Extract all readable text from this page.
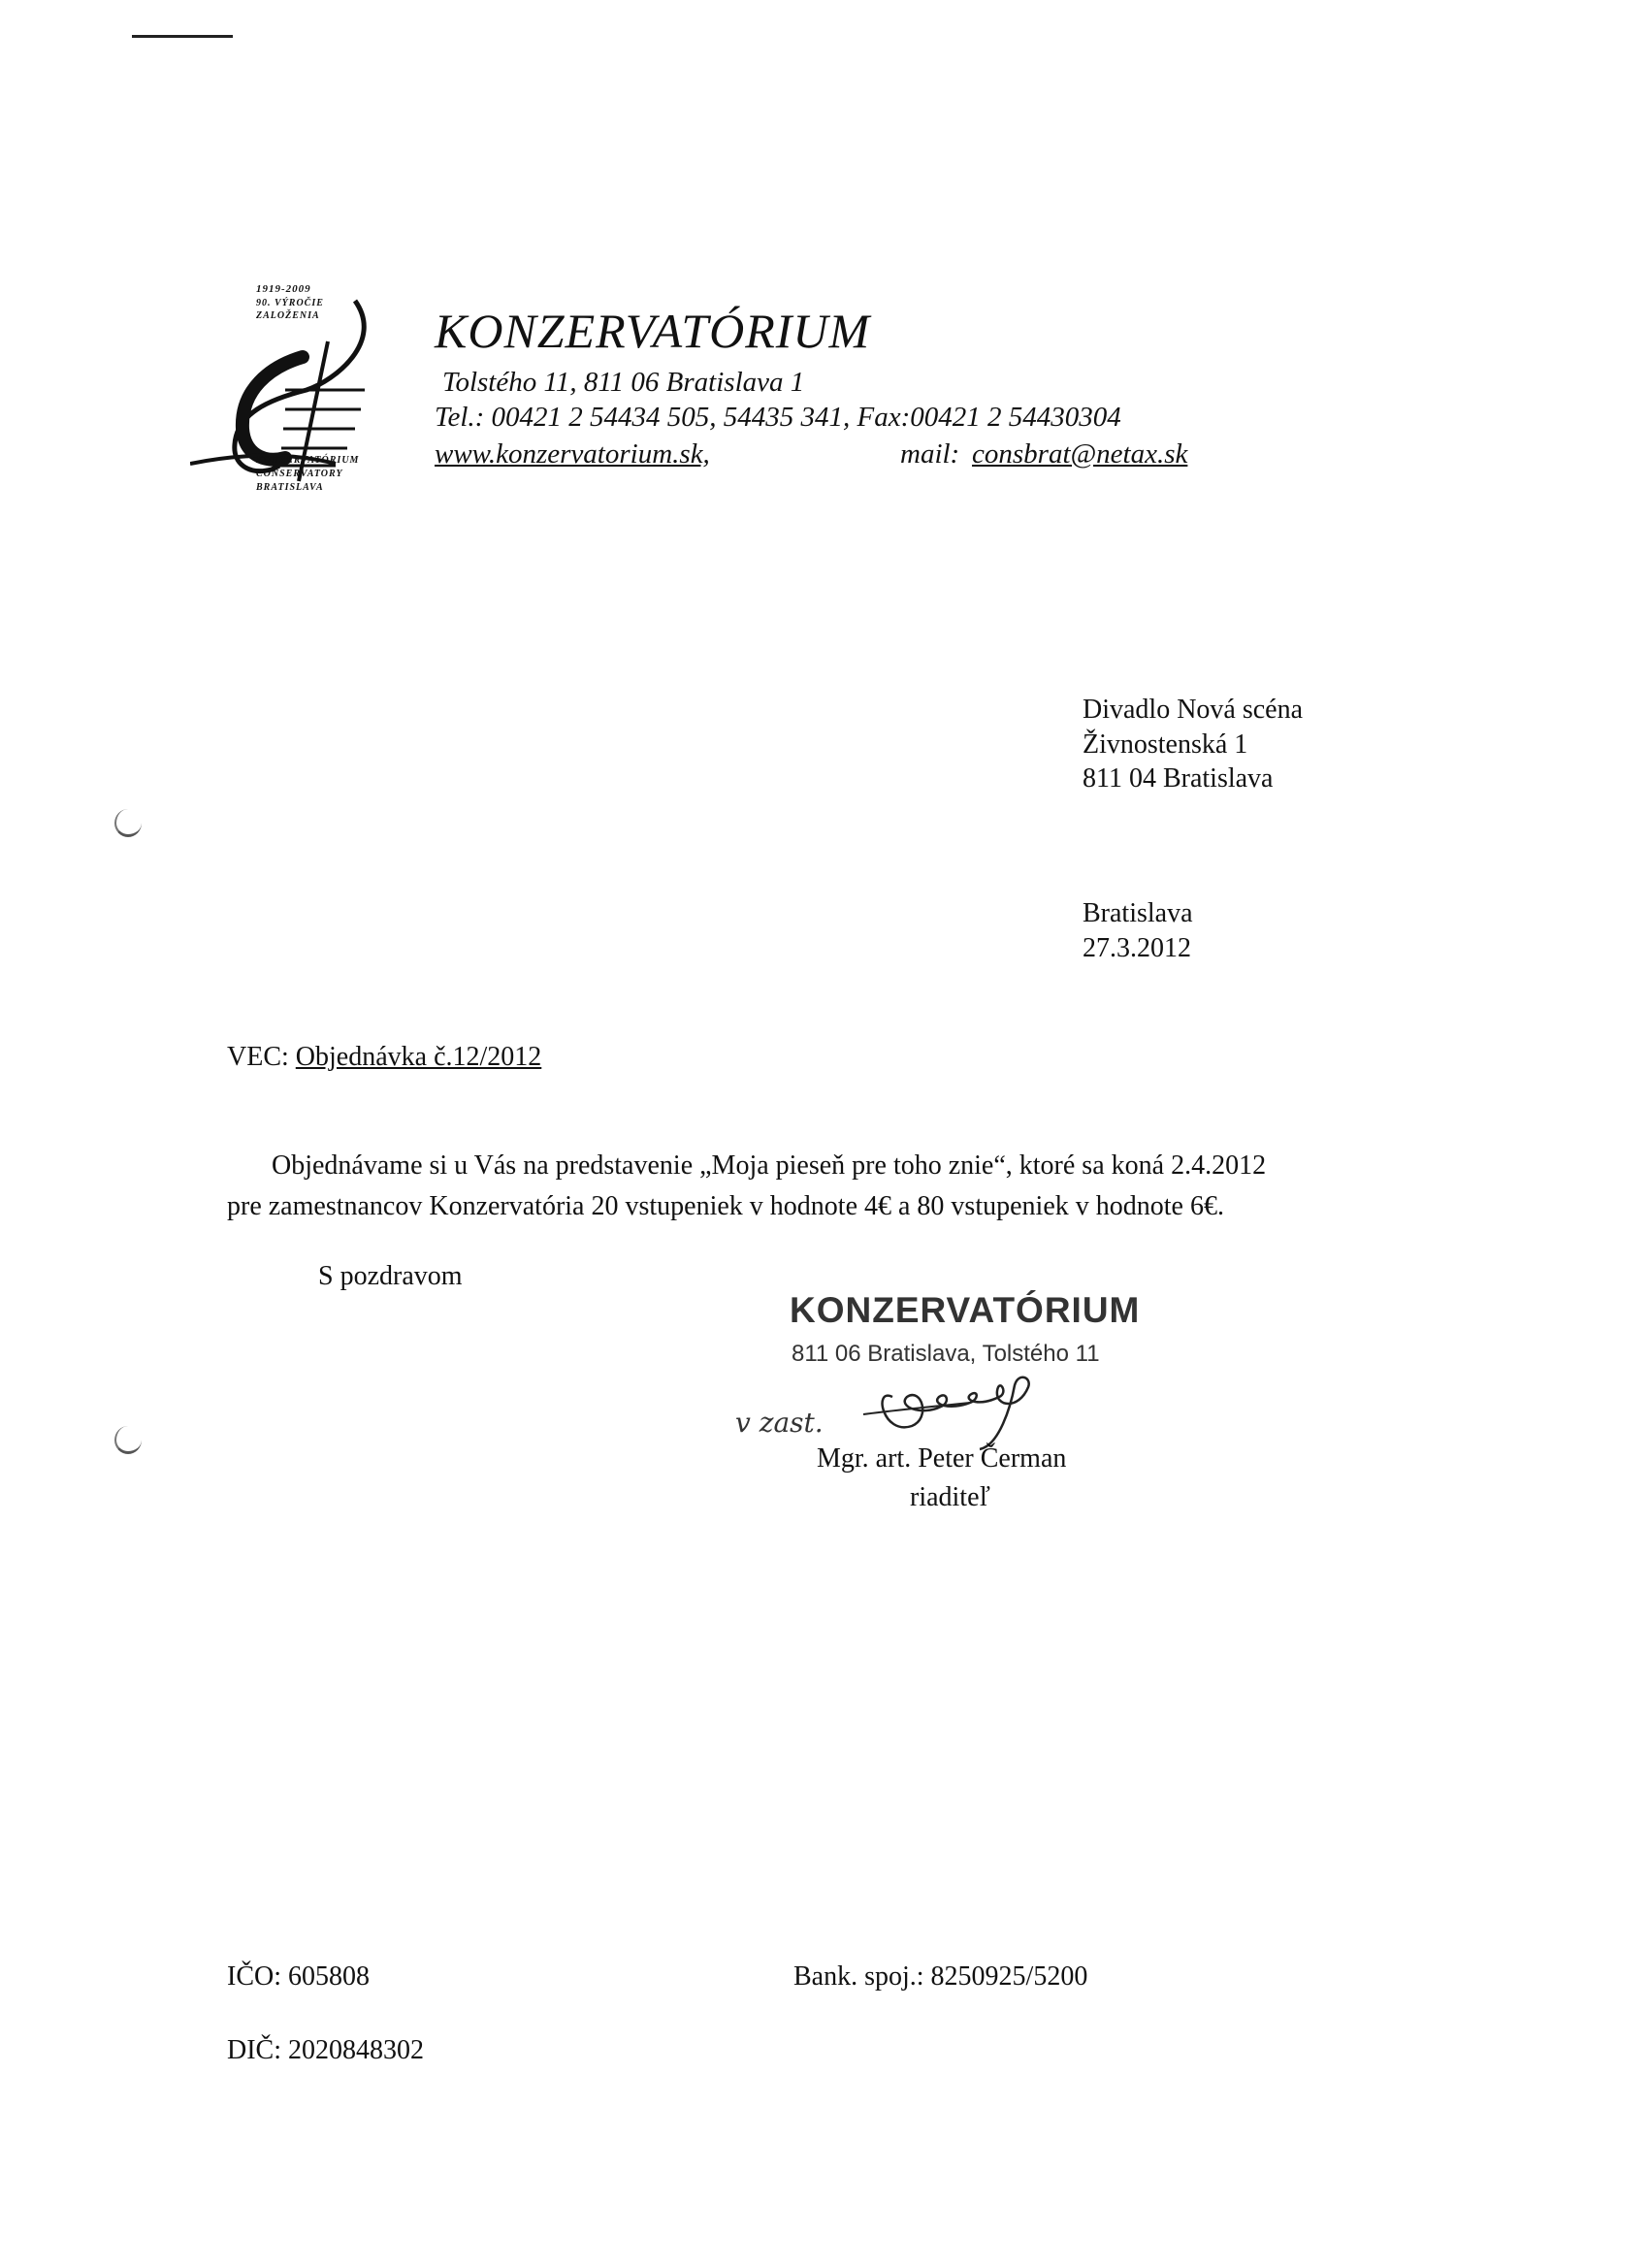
1919-2009
90. VÝROČIE
ZALOŽENIA
KONZERVATÓRIUM
CONSERVATORY
BRATISLAVA
KONZERVATÓRIUM
Tolstého 11, 811 06 Bratislava 1
Tel.: 00421 2 54434 505, 54435 341, Fax:00421 2 54430304
www.konzervatorium.sk,	mail: consbrat@netax.sk
Divadlo Nová scéna
Živnostenská 1
811 04 Bratislava
Bratislava
27.3.2012
VEC: Objednávka č.12/2012
Objednávame si u Vás na predstavenie „Moja pieseň pre toho znie“, ktoré sa koná 2.4.2012
pre zamestnancov Konzervatória 20 vstupeniek v hodnote 4€ a 80 vstupeniek v hodnote 6€.
S pozdravom
KONZERVATÓRIUM
811 06 Bratislava, Tolstého 11
v zast.
Mgr. art. Peter Čerman
riaditeľ
IČO: 605808	Bank. spoj.: 8250925/5200
DIČ: 2020848302
